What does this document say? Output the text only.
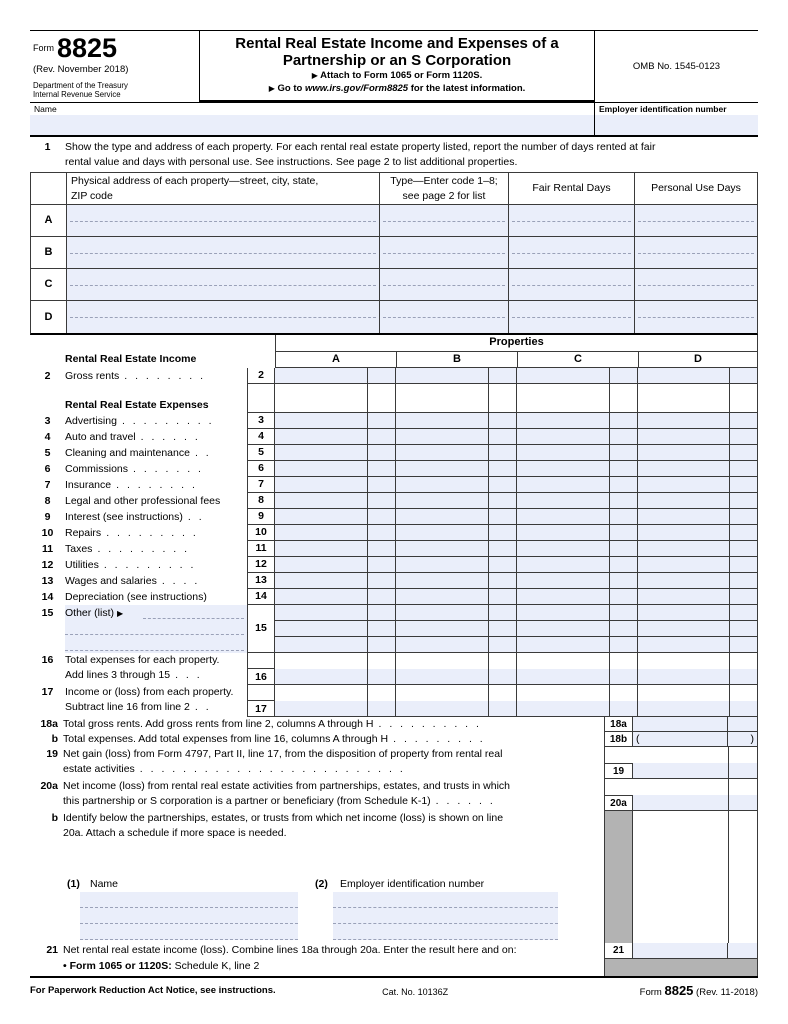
Form 8825
(Rev. November 2018)
Department of the Treasury
Internal Revenue Service
Rental Real Estate Income and Expenses of a
Partnership or an S Corporation
▶ Attach to Form 1065 or Form 1120S.
▶ Go to www.irs.gov/Form8825 for the latest information.
OMB No. 1545-0123
Name	Employer identification number
1	Show the type and address of each property. For each rental real estate property listed, report the number of days rented at fair
rental value and days with personal use. See instructions. See page 2 to list additional properties.
Physical address of each property—street, city, state,
ZIP code
Type—Enter code 1–8;
see page 2 for list
Fair Rental Days	Personal Use Days
A
B
C
D
Rental Real Estate Income
Properties
A	B	C	D
2	Gross rents . . . . . . . .	2
Rental Real Estate Expenses
3	Advertising . . . . . . . . .	3
4	Auto and travel . . . . . .	4
5	Cleaning and maintenance . .	5
6	Commissions . . . . . . .	6
7	Insurance . . . . . . . .	7
8	Legal and other professional fees	8
9	Interest (see instructions) . .	9
10	Repairs . . . . . . . . .	10
11	Taxes . . . . . . . . .	11
12	Utilities . . . . . . . . .	12
13	Wages and salaries . . . .	13
14	Depreciation (see instructions)	14
15	Other (list) ▶
15
16	Total expenses for each property.
Add lines 3 through 15 . . .	16
17	Income or (loss) from each property.
Subtract line 16 from line 2 . .	17
18a Total gross rents. Add gross rents from line 2, columns A through H . . . . . . . . . .	18a
b Total expenses. Add total expenses from line 16, columns A through H . . . . . . . . .	18b (	)
19 Net gain (loss) from Form 4797, Part II, line 17, from the disposition of property from rental real
estate activities . . . . . . . . . . . . . . . . . . . . . . . . .	19
20a Net income (loss) from rental real estate activities from partnerships, estates, and trusts in which
this partnership or S corporation is a partner or beneficiary (from Schedule K-1) . . . . . .	20a
b Identify below the partnerships, estates, or trusts from which net income (loss) is shown on line
20a. Attach a schedule if more space is needed.
(1) Name	(2) Employer identification number
21 Net rental real estate income (loss). Combine lines 18a through 20a. Enter the result here and on:	21
• Form 1065 or 1120S: Schedule K, line 2
For Paperwork Reduction Act Notice, see instructions.	Cat. No. 10136Z	Form 8825 (Rev. 11-2018)
